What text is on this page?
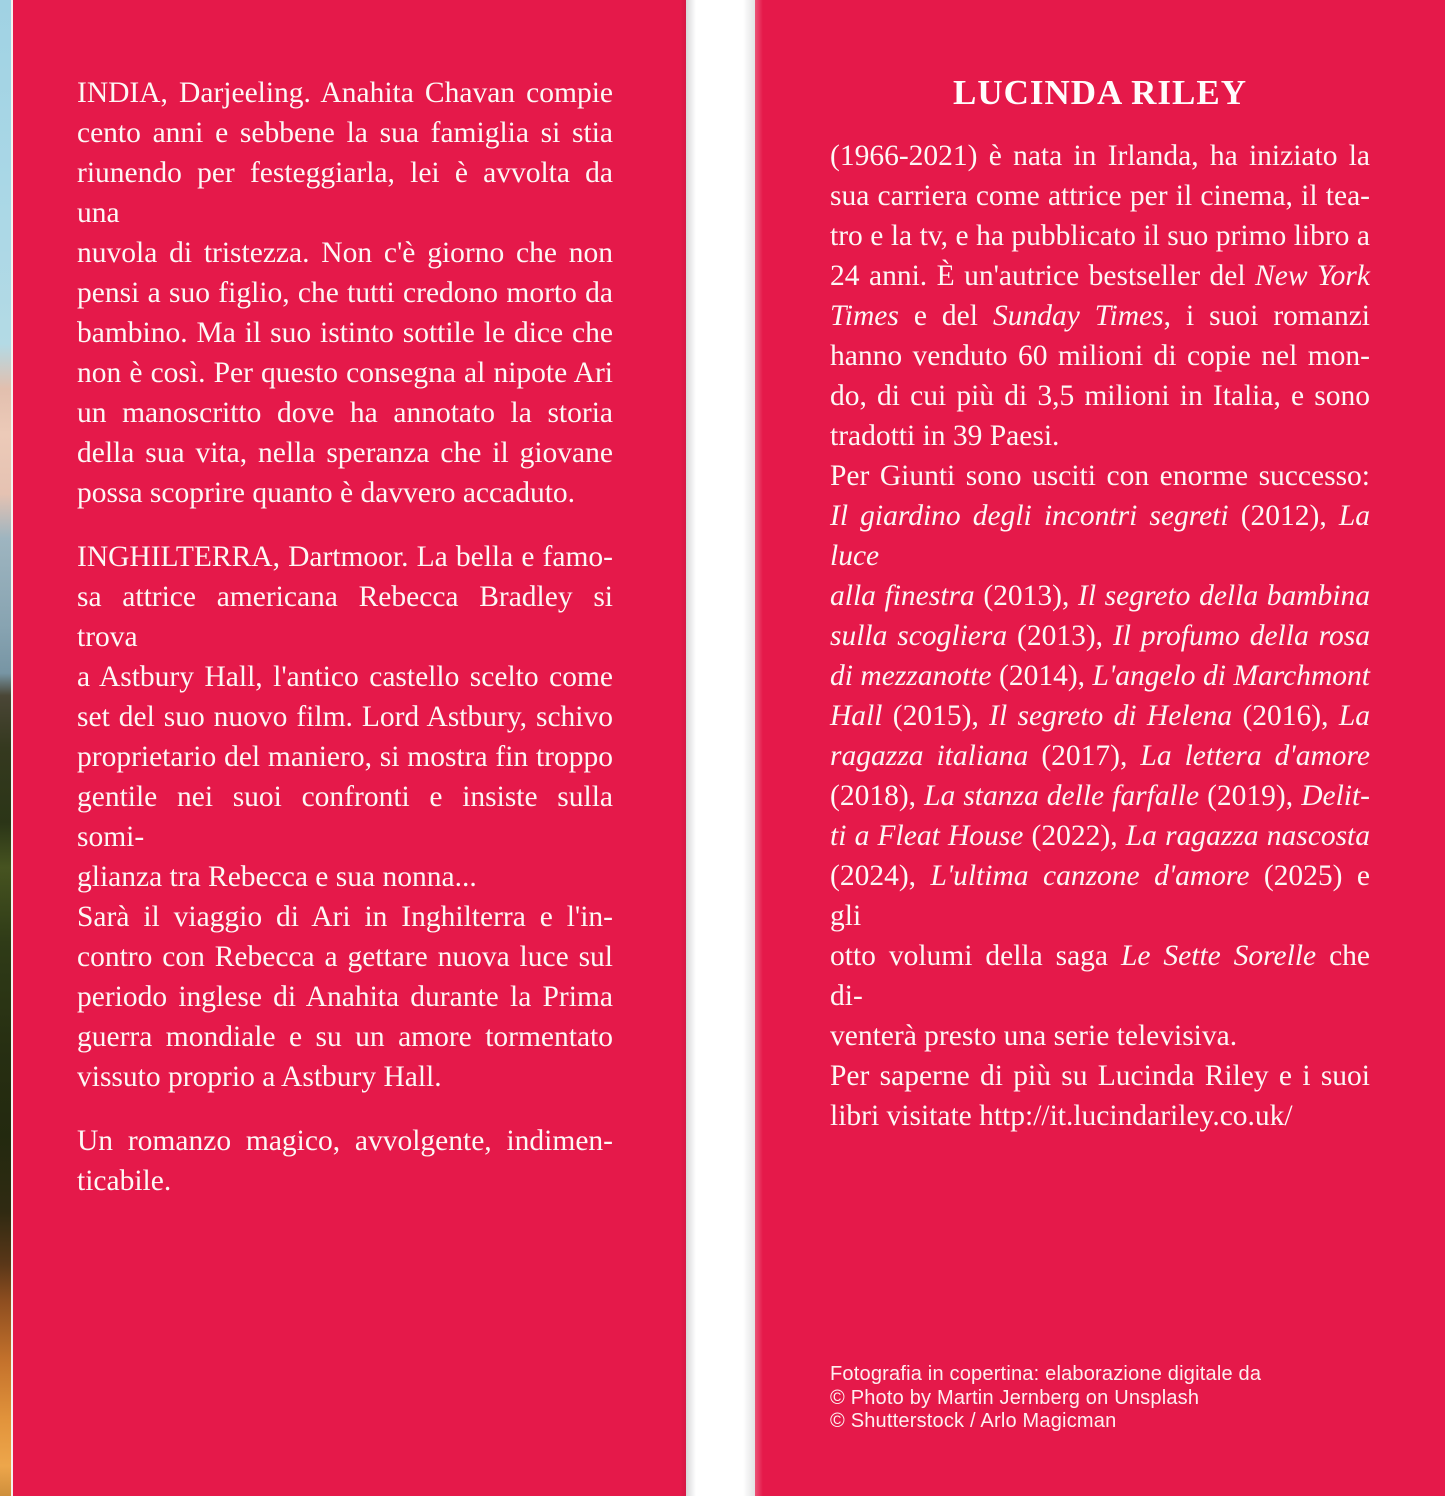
INDIA, Darjeeling. Anahita Chavan compie
cento anni e sebbene la sua famiglia si stia
riunendo per festeggiarla, lei è avvolta da una
nuvola di tristezza. Non c'è giorno che non
pensi a suo figlio, che tutti credono morto da
bambino. Ma il suo istinto sottile le dice che
non è così. Per questo consegna al nipote Ari
un manoscritto dove ha annotato la storia
della sua vita, nella speranza che il giovane
possa scoprire quanto è davvero accaduto.
INGHILTERRA, Dartmoor. La bella e famo-
sa attrice americana Rebecca Bradley si trova
a Astbury Hall, l'antico castello scelto come
set del suo nuovo film. Lord Astbury, schivo
proprietario del maniero, si mostra fin troppo
gentile nei suoi confronti e insiste sulla somi-
glianza tra Rebecca e sua nonna...
Sarà il viaggio di Ari in Inghilterra e l'in-
contro con Rebecca a gettare nuova luce sul
periodo inglese di Anahita durante la Prima
guerra mondiale e su un amore tormentato
vissuto proprio a Astbury Hall.
Un romanzo magico, avvolgente, indimen-
ticabile.
LUCINDA RILEY
(1966-2021) è nata in Irlanda, ha iniziato la
sua carriera come attrice per il cinema, il tea-
tro e la tv, e ha pubblicato il suo primo libro a
24 anni. È un'autrice bestseller del New York
Times e del Sunday Times, i suoi romanzi
hanno venduto 60 milioni di copie nel mon-
do, di cui più di 3,5 milioni in Italia, e sono
tradotti in 39 Paesi.
Per Giunti sono usciti con enorme successo:
Il giardino degli incontri segreti (2012), La luce
alla finestra (2013), Il segreto della bambina
sulla scogliera (2013), Il profumo della rosa
di mezzanotte (2014), L'angelo di Marchmont
Hall (2015), Il segreto di Helena (2016), La
ragazza italiana (2017), La lettera d'amore
(2018), La stanza delle farfalle (2019), Delit-
ti a Fleat House (2022), La ragazza nascosta
(2024), L'ultima canzone d'amore (2025) e gli
otto volumi della saga Le Sette Sorelle che di-
venterà presto una serie televisiva.
Per saperne di più su Lucinda Riley e i suoi
libri visitate http://it.lucindariley.co.uk/
Fotografia in copertina: elaborazione digitale da
© Photo by Martin Jernberg on Unsplash
© Shutterstock / Arlo Magicman
